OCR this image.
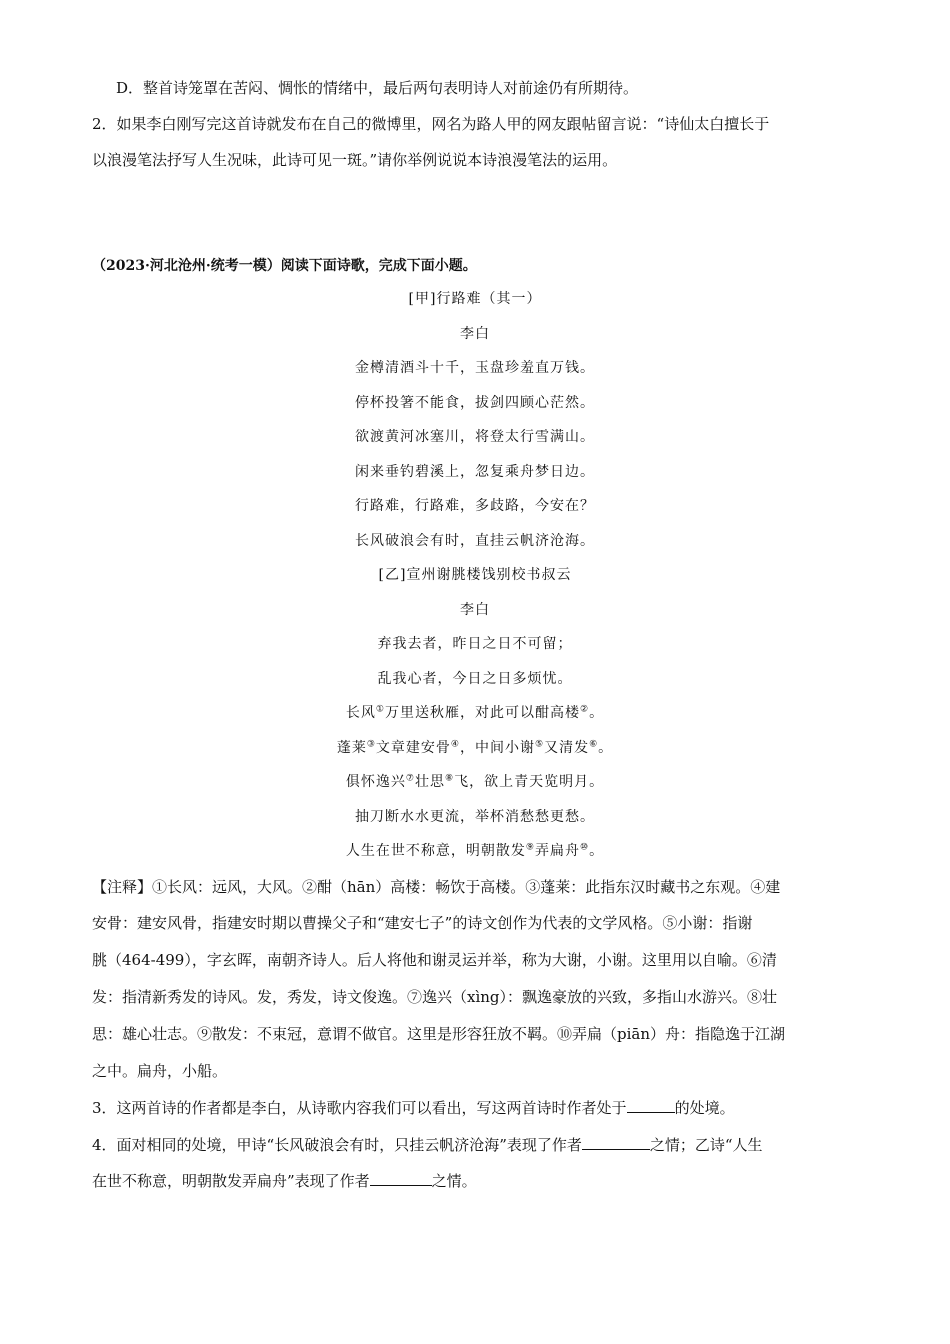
D．整首诗笼罩在苦闷、惆怅的情绪中，最后两句表明诗人对前途仍有所期待。
2．如果李白刚写完这首诗就发布在自己的微博里，网名为路人甲的网友跟帖留言说：“诗仙太白擅长于
以浪漫笔法抒写人生况味，此诗可见一斑。”请你举例说说本诗浪漫笔法的运用。
（2023·河北沧州·统考一模）阅读下面诗歌，完成下面小题。
[甲]行路难（其一）
李白
金樽清酒斗十千，玉盘珍羞直万钱。
停杯投箸不能食，拔剑四顾心茫然。
欲渡黄河冰塞川，将登太行雪满山。
闲来垂钓碧溪上，忽复乘舟梦日边。
行路难，行路难，多歧路，今安在？
长风破浪会有时，直挂云帆济沧海。
[乙]宣州谢朓楼饯别校书叔云
李白
弃我去者，昨日之日不可留；
乱我心者，今日之日多烦忧。
长风①万里送秋雁，对此可以酣高楼②。
蓬莱③文章建安骨④，中间小谢⑤又清发⑥。
俱怀逸兴⑦壮思⑧飞，欲上青天览明月。
抽刀断水水更流，举杯消愁愁更愁。
人生在世不称意，明朝散发⑨弄扁舟⑩。
【注释】①长风：远风，大风。②酣（hān）高楼：畅饮于高楼。③蓬莱：此指东汉时藏书之东观。④建
安骨：建安风骨，指建安时期以曹操父子和“建安七子”的诗文创作为代表的文学风格。⑤小谢：指谢
朓（464-499），字玄晖，南朝齐诗人。后人将他和谢灵运并举，称为大谢，小谢。这里用以自喻。⑥清
发：指清新秀发的诗风。发，秀发，诗文俊逸。⑦逸兴（xìng）：飘逸豪放的兴致，多指山水游兴。⑧壮
思：雄心壮志。⑨散发：不束冠，意谓不做官。这里是形容狂放不羁。⑩弄扁（piān）舟：指隐逸于江湖
之中。扁舟，小船。
3．这两首诗的作者都是李白，从诗歌内容我们可以看出，写这两首诗时作者处于	的处境。
4．面对相同的处境，甲诗“长风破浪会有时，只挂云帆济沧海”表现了作者	之情；乙诗“人生
在世不称意，明朝散发弄扁舟”表现了作者	之情。
